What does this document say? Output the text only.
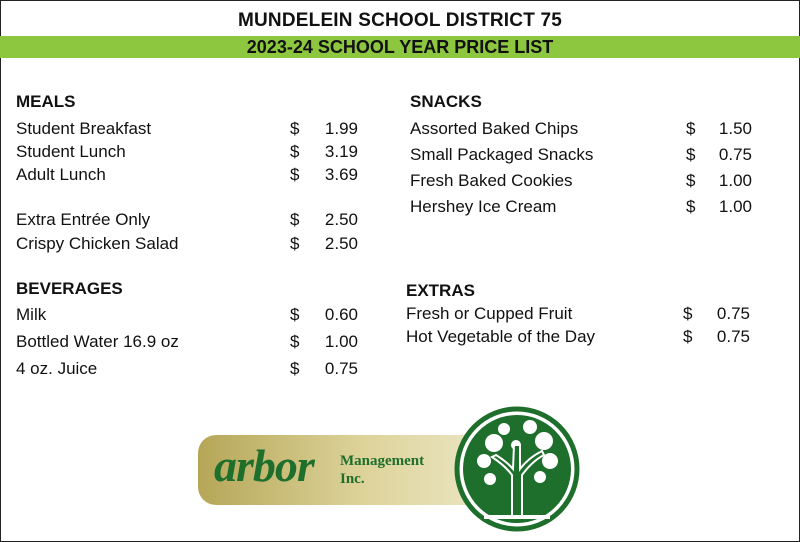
MUNDELEIN SCHOOL DISTRICT 75
2023-24 SCHOOL YEAR PRICE LIST
MEALS
Student Breakfast	$	1.99
Student Lunch	$	3.19
Adult Lunch	$	3.69
Extra Entrée Only	$	2.50
Crispy Chicken Salad	$	2.50
BEVERAGES
Milk	$	0.60
Bottled Water 16.9 oz	$	1.00
4 oz. Juice	$	0.75
SNACKS
Assorted Baked Chips	$	1.50
Small Packaged Snacks	$	0.75
Fresh Baked Cookies	$	1.00
Hershey Ice Cream	$	1.00
EXTRAS
Fresh or Cupped Fruit	$	0.75
Hot Vegetable of the Day	$	0.75
arbor Management
Inc.
